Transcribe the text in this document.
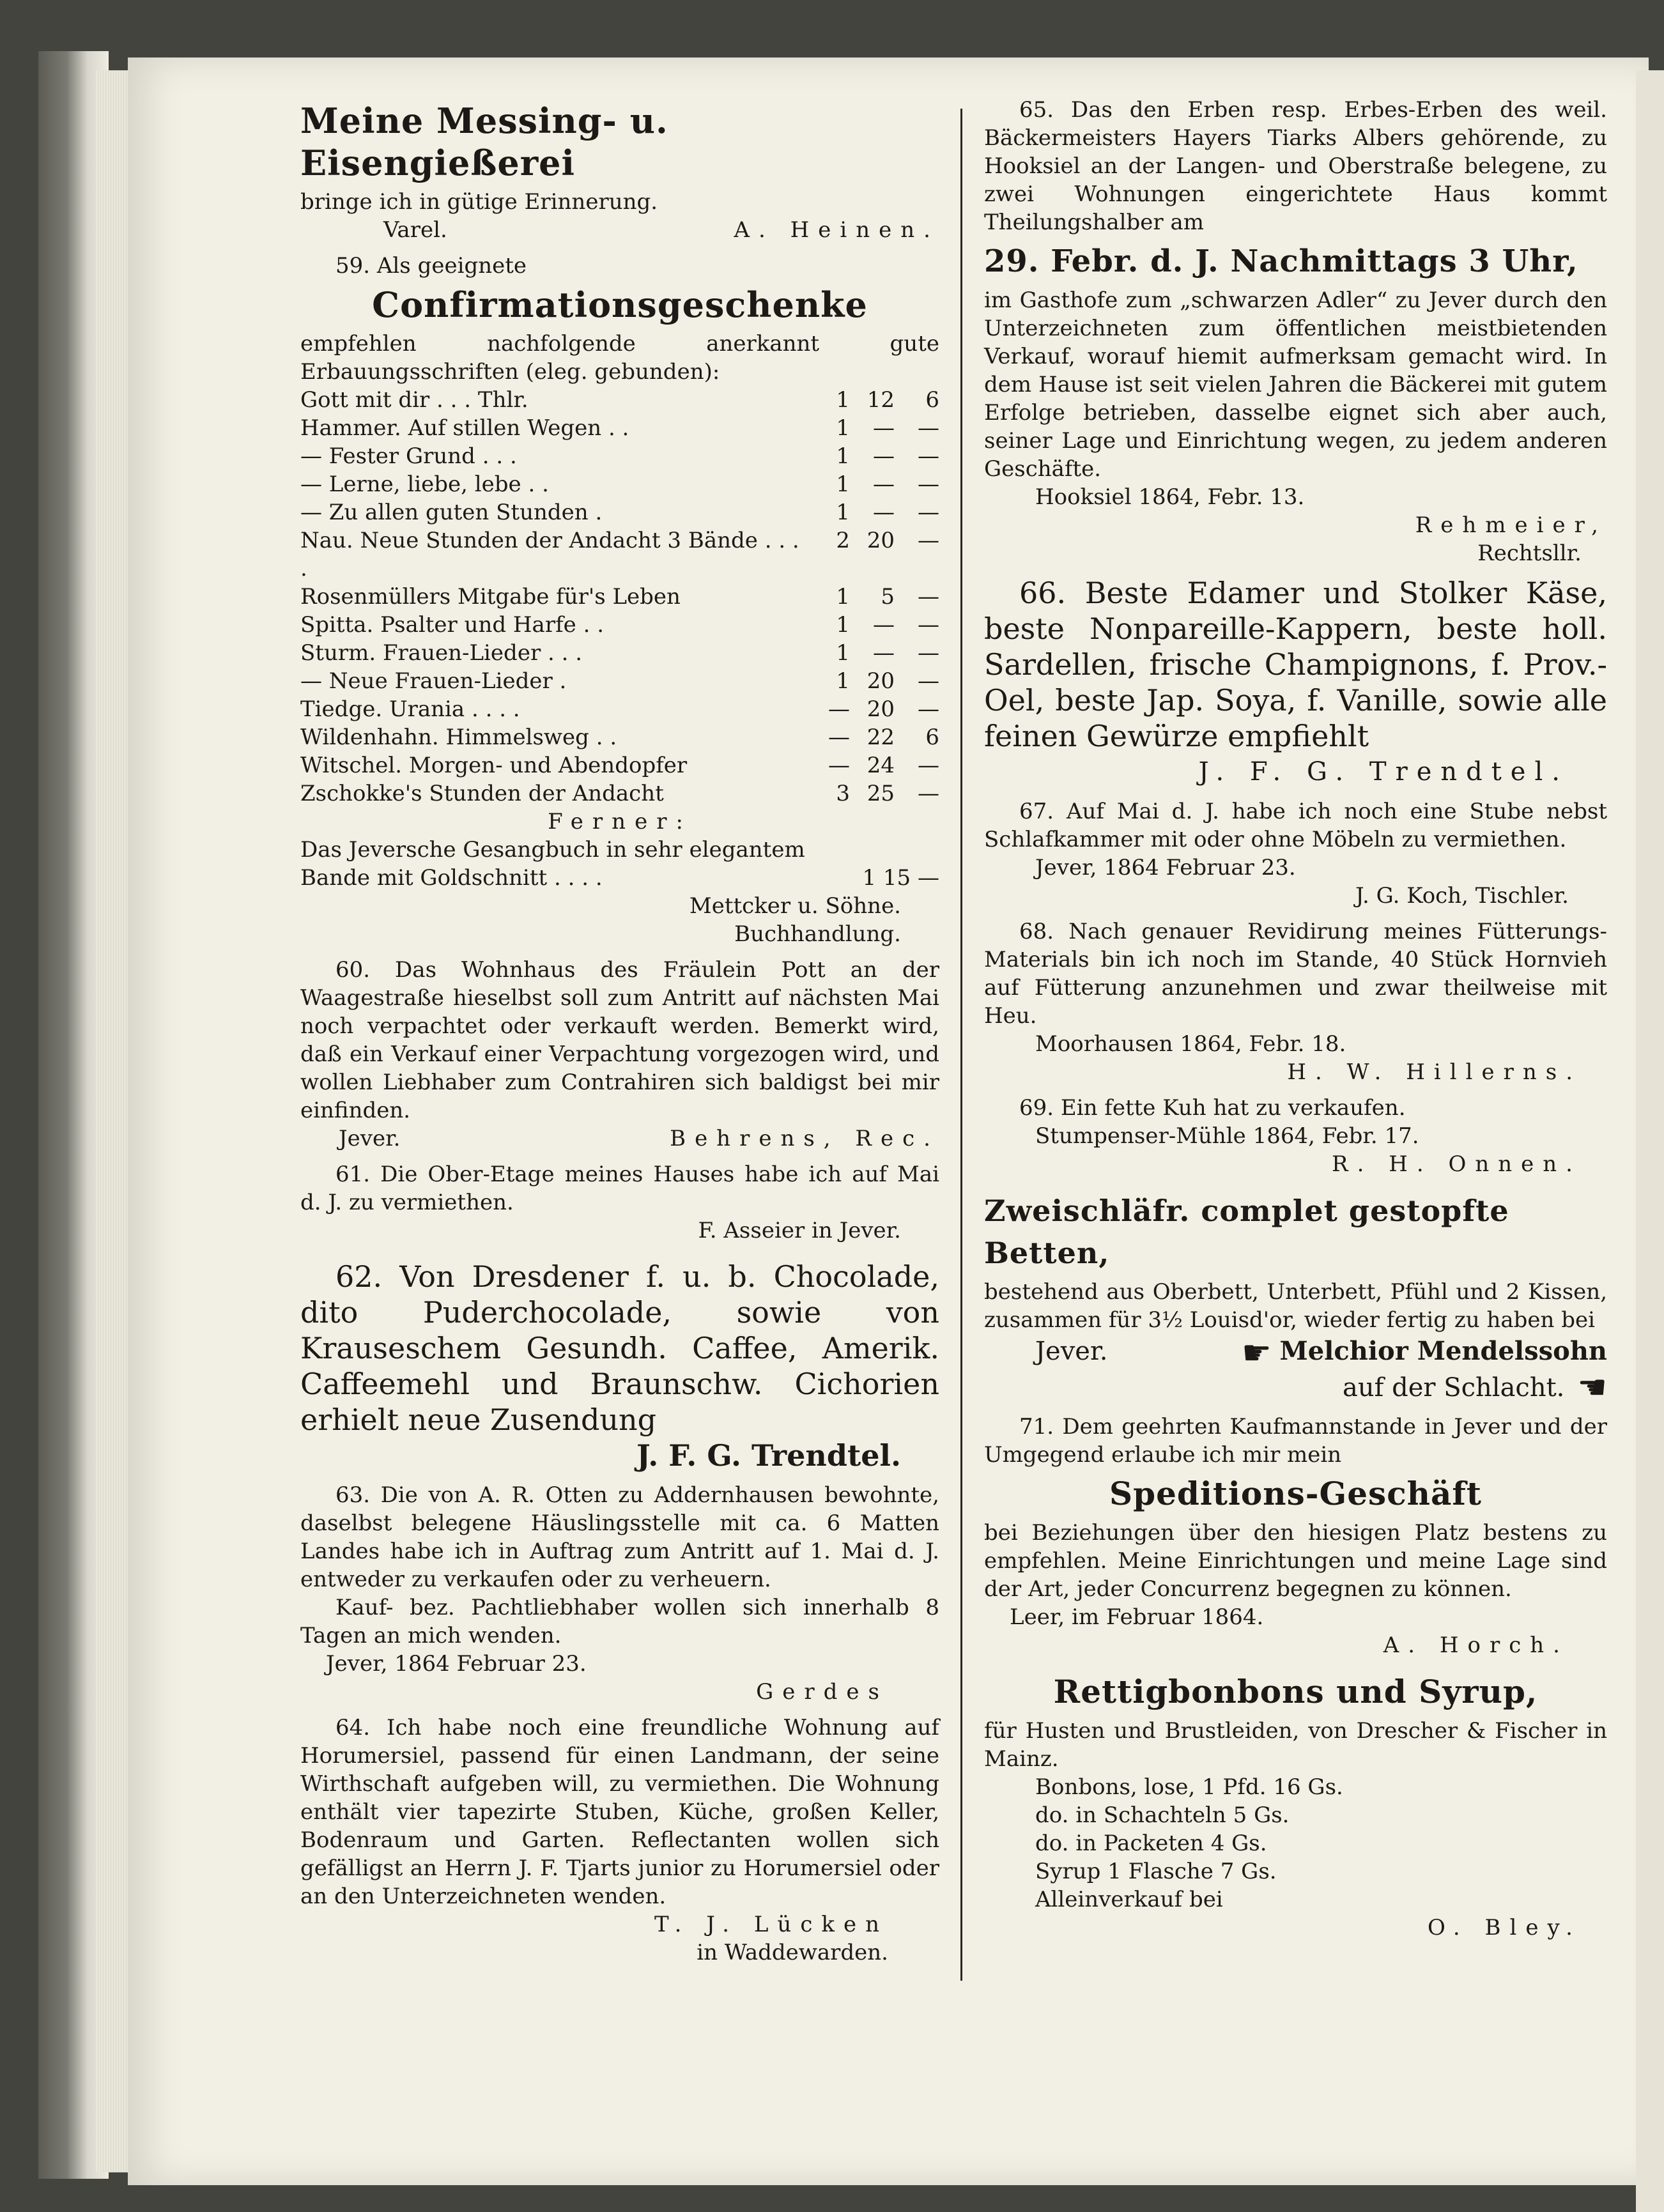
Meine Messing- u. Eisengießerei

bringe ich in gütige Erinnerung.

Varel.	A. Heinen.

59. Als geeignete

Confirmationsgeschenke

empfehlen nachfolgende anerkannt gute Erbauungsschriften (eleg. gebunden):

Gott mit dir . . . Thlr.	1	12	6
Hammer. Auf stillen Wegen . .	1	—	—
— Fester Grund . . .	1	—	—
— Lerne, liebe, lebe . .	1	—	—
— Zu allen guten Stunden .	1	—	—
Nau. Neue Stunden der Andacht 3 Bände . . . .	2	20	—
Rosenmüllers Mitgabe für's Leben	1	5	—
Spitta. Psalter und Harfe . .	1	—	—
Sturm. Frauen-Lieder . . .	1	—	—
— Neue Frauen-Lieder .	1	20	—
Tiedge. Urania . . . .	—	20	—
Wildenhahn. Himmelsweg . .	—	22	6
Witschel. Morgen- und Abendopfer	—	24	—
Zschokke's Stunden der Andacht	3	25	—

Ferner:

Das Jeversche Gesangbuch in sehr elegantem Bande mit Goldschnitt . . . .	1 15 —

Mettcker u. Söhne.

Buchhandlung.

60. Das Wohnhaus des Fräulein Pott an der Waagestraße hieselbst soll zum Antritt auf nächsten Mai noch verpachtet oder verkauft werden. Bemerkt wird, daß ein Verkauf einer Verpachtung vorgezogen wird, und wollen Liebhaber zum Contrahiren sich baldigst bei mir einfinden.

Jever.	Behrens, Rec.

61. Die Ober-Etage meines Hauses habe ich auf Mai d. J. zu vermiethen.

F. Asseier in Jever.

62. Von Dresdener f. u. b. Chocolade, dito Puderchocolade, sowie von Krauseschem Gesundh. Caffee, Amerik. Caffeemehl und Braunschw. Cichorien erhielt neue Zusendung

J. F. G. Trendtel.

63. Die von A. R. Otten zu Addernhausen bewohnte, daselbst belegene Häuslingsstelle mit ca. 6 Matten Landes habe ich in Auftrag zum Antritt auf 1. Mai d. J. entweder zu verkaufen oder zu verheuern.

Kauf- bez. Pachtliebhaber wollen sich innerhalb 8 Tagen an mich wenden.

Jever, 1864 Februar 23.

Gerdes

64. Ich habe noch eine freundliche Wohnung auf Horumersiel, passend für einen Landmann, der seine Wirthschaft aufgeben will, zu vermiethen. Die Wohnung enthält vier tapezirte Stuben, Küche, großen Keller, Bodenraum und Garten. Reflectanten wollen sich gefälligst an Herrn J. F. Tjarts junior zu Horumersiel oder an den Unterzeichneten wenden.

T. J. Lücken

in Waddewarden.

65. Das den Erben resp. Erbes-Erben des weil. Bäckermeisters Hayers Tiarks Albers gehörende, zu Hooksiel an der Langen- und Oberstraße belegene, zu zwei Wohnungen eingerichtete Haus kommt Theilungshalber am

29. Febr. d. J. Nachmittags 3 Uhr,

im Gasthofe zum „schwarzen Adler“ zu Jever durch den Unterzeichneten zum öffentlichen meistbietenden Verkauf, worauf hiemit aufmerksam gemacht wird. In dem Hause ist seit vielen Jahren die Bäckerei mit gutem Erfolge betrieben, dasselbe eignet sich aber auch, seiner Lage und Einrichtung wegen, zu jedem anderen Geschäfte.

Hooksiel 1864, Febr. 13.

Rehmeier,

Rechtsllr.

66. Beste Edamer und Stolker Käse, beste Nonpareille-Kappern, beste holl. Sardellen, frische Champignons, f. Prov.-Oel, beste Jap. Soya, f. Vanille, sowie alle feinen Gewürze empfiehlt

J. F. G. Trendtel.

67. Auf Mai d. J. habe ich noch eine Stube nebst Schlafkammer mit oder ohne Möbeln zu vermiethen.

Jever, 1864 Februar 23.

J. G. Koch, Tischler.

68. Nach genauer Revidirung meines Fütterungs-Materials bin ich noch im Stande, 40 Stück Hornvieh auf Fütterung anzunehmen und zwar theilweise mit Heu.

Moorhausen 1864, Febr. 18.

H. W. Hillerns.

69. Ein fette Kuh hat zu verkaufen.

Stumpenser-Mühle 1864, Febr. 17.

R. H. Onnen.

Zweischläfr. complet gestopfte Betten,

bestehend aus Oberbett, Unterbett, Pfühl und 2 Kissen, zusammen für 3½ Louisd'or, wieder fertig zu haben bei

Jever.	☛ Melchior Mendelssohn
auf der Schlacht. ☚

71. Dem geehrten Kaufmannstande in Jever und der Umgegend erlaube ich mir mein

Speditions-Geschäft

bei Beziehungen über den hiesigen Platz bestens zu empfehlen. Meine Einrichtungen und meine Lage sind der Art, jeder Concurrenz begegnen zu können.

Leer, im Februar 1864.

A. Horch.

Rettigbonbons und Syrup,

für Husten und Brustleiden, von Drescher & Fischer in Mainz.

Bonbons, lose, 1 Pfd. 16 Gs.

do. in Schachteln 5 Gs.

do. in Packeten 4 Gs.

Syrup 1 Flasche 7 Gs.

Alleinverkauf bei

O. Bley.
